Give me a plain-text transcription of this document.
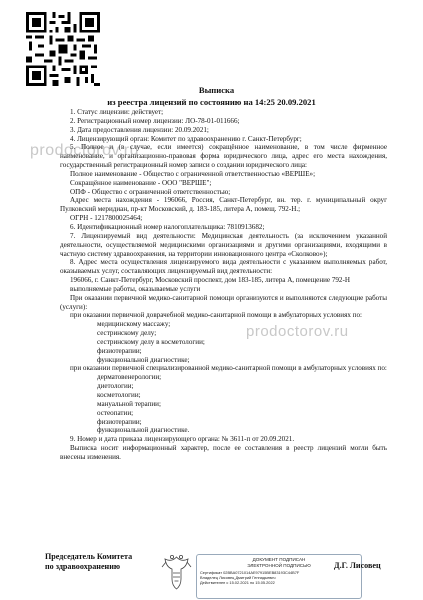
Выписка
из реестра лицензий по состоянию на 14:25 20.09.2021
prodoctorov.ru
prodoctorov.ru

1. Статус лицензии: действует;

2. Регистрационный номер лицензии: ЛО-78-01-011666;

3. Дата предоставления лицензии: 20.09.2021;

4. Лицензирующий орган: Комитет по здравоохранению г. Санкт-Петербург;

5. Полное и (в случае, если имеется) сокращённое наименование, в том числе фирменное наименование, и организационно-правовая форма юридического лица, адрес его места нахождения, государственный регистрационный номер записи о создании юридического лица:

Полное наименование - Общество с ограниченной ответственностью «ВЕРШЕ»;

Сокращённое наименование - ООО "ВЕРШЕ";

ОПФ - Общество с ограниченной ответственностью;

Адрес места нахождения - 196066, Россия, Санкт-Петербург, вн. тер. г. муниципальный округ Пулковский меридиан, пр-кт Московский, д. 183-185, литера А, помещ. 792-Н.;

ОГРН - 1217800025464;

6. Идентификационный номер налогоплательщика: 7810913682;

7. Лицензируемый вид деятельности: Медицинская деятельность (за исключением указанной деятельности, осуществляемой медицинскими организациями и другими организациями, входящими в частную систему здравоохранения, на территории инновационного центра «Сколково»);

8. Адрес места осуществления лицензируемого вида деятельности с указанием выполняемых работ, оказываемых услуг, составляющих лицензируемый вид деятельности:

196066, г. Санкт-Петербург, Московский проспект, дом 183-185, литера А, помещение 792-Н

выполняемые работы, оказываемые услуги

При оказании первичной медико-санитарной помощи организуются и выполняются следующие работы (услуги):

при оказании первичной доврачебной медико-санитарной помощи в амбулаторных условиях по:

медицинскому массажу;

сестринскому делу;

сестринскому делу в косметологии;

физиотерапии;

функциональной диагностике;

при оказании первичной специализированной медико-санитарной помощи в амбулаторных условиях по:

дерматовенерологии;

диетологии;

косметологии;

мануальной терапии;

остеопатии;

физиотерапии;

функциональной диагностике.

9. Номер и дата приказа лицензирующего органа: № 3611-п от 20.09.2021.

Выписка носит информационный характер, после ее составления в реестр лицензий могли быть внесены изменения.

Председатель Комитета
по здравоохранению
ДОКУМЕНТ ПОДПИСАН
ЭЛЕКТРОННОЙ ПОДПИСЬЮ
Сертификат 02BBA0721014AE97915BEB83193C44B7F
Владелец Лисовец Дмитрий Геннадьевич
Действителен с 15.02.2021 по 15.05.2022
Д.Г. Лисовец
